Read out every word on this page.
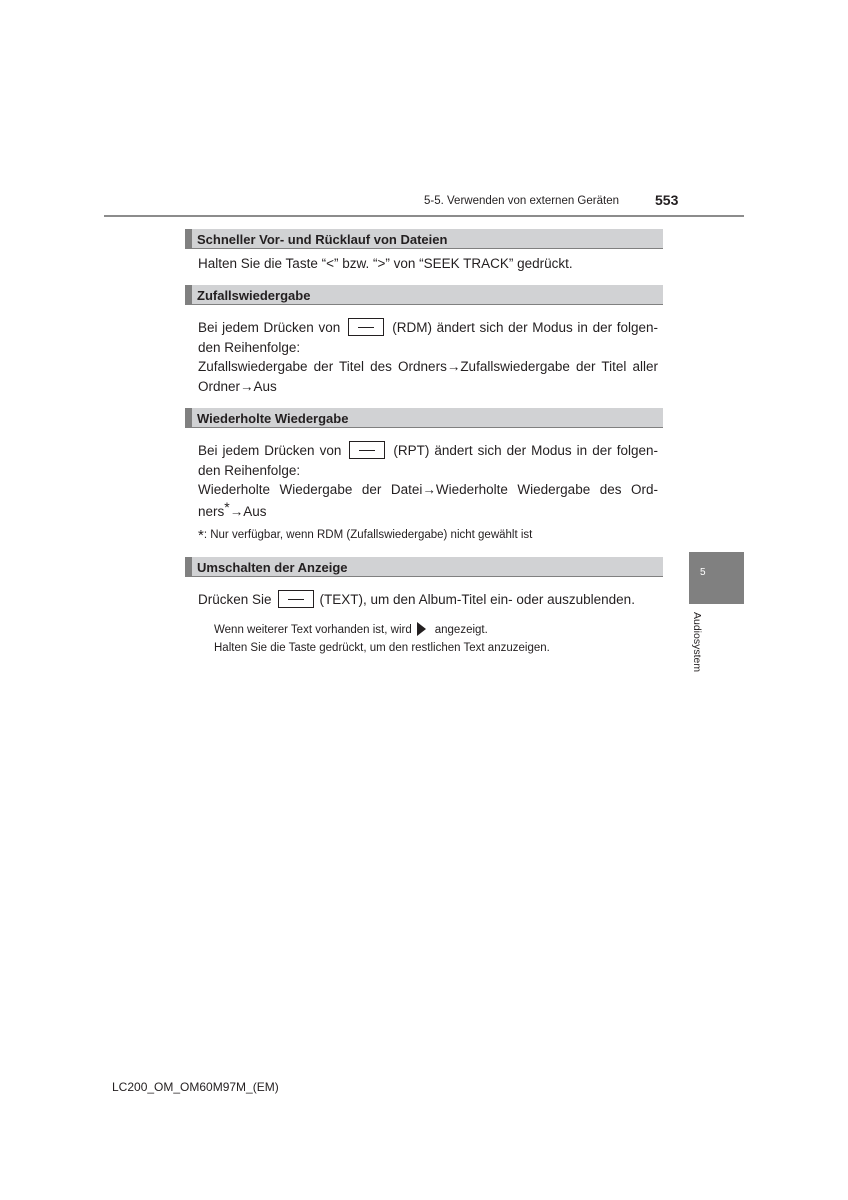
5-5. Verwenden von externen Geräten	553
Schneller Vor- und Rücklauf von Dateien
Halten Sie die Taste “<” bzw. “>” von “SEEK TRACK” gedrückt.
Zufallswiedergabe
Bei jedem Drücken von	(RDM) ändert sich der Modus in der folgen-
den Reihenfolge:
Zufallswiedergabe der Titel des Ordners→Zufallswiedergabe der Titel aller
Ordner→Aus
Wiederholte Wiedergabe
Bei jedem Drücken von	(RPT) ändert sich der Modus in der folgen-
den Reihenfolge:
Wiederholte Wiedergabe der Datei→Wiederholte Wiedergabe des Ord-
ners*→Aus
*: Nur verfügbar, wenn RDM (Zufallswiedergabe) nicht gewählt ist
Umschalten der Anzeige
Drücken Sie	(TEXT), um den Album-Titel ein- oder auszublenden.
Wenn weiterer Text vorhanden ist, wird angezeigt.
Halten Sie die Taste gedrückt, um den restlichen Text anzuzeigen.
5
Audiosystem
LC200_OM_OM60M97M_(EM)
